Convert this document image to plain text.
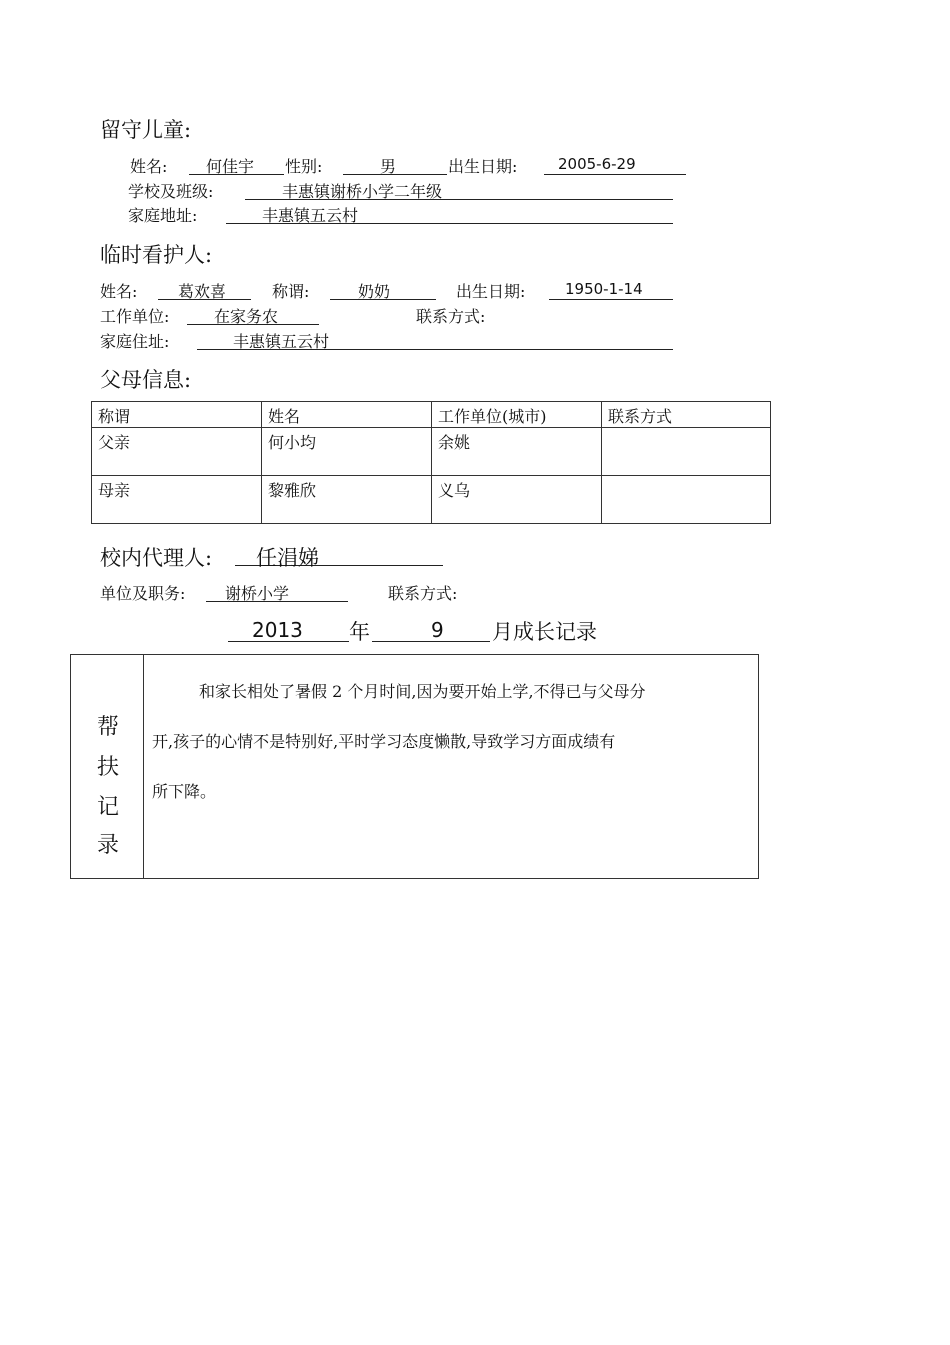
留守儿童:
姓名: 何佳宇 性别:	男	出生日期:	2005-6-29
学校及班级:	丰惠镇谢桥小学二年级
家庭地址:	丰惠镇五云村
临时看护人:
姓名:	葛欢喜	称谓:	奶奶	出生日期:	1950-1-14
工作单位:	在家务农	联系方式:
家庭住址:	丰惠镇五云村
父母信息:
称谓	姓名	工作单位(城市)	联系方式
父亲	何小均	余姚	
母亲	黎雅欣	义乌	
校内代理人: 任涓娣
单位及职务: 谢桥小学	联系方式:
2013 年	9 月成长记录
帮
扶
记
录
和家长相处了暑假 2 个月时间,因为要开始上学,不得已与父母分
开,孩子的心情不是特别好,平时学习态度懒散,导致学习方面成绩有
所下降。
